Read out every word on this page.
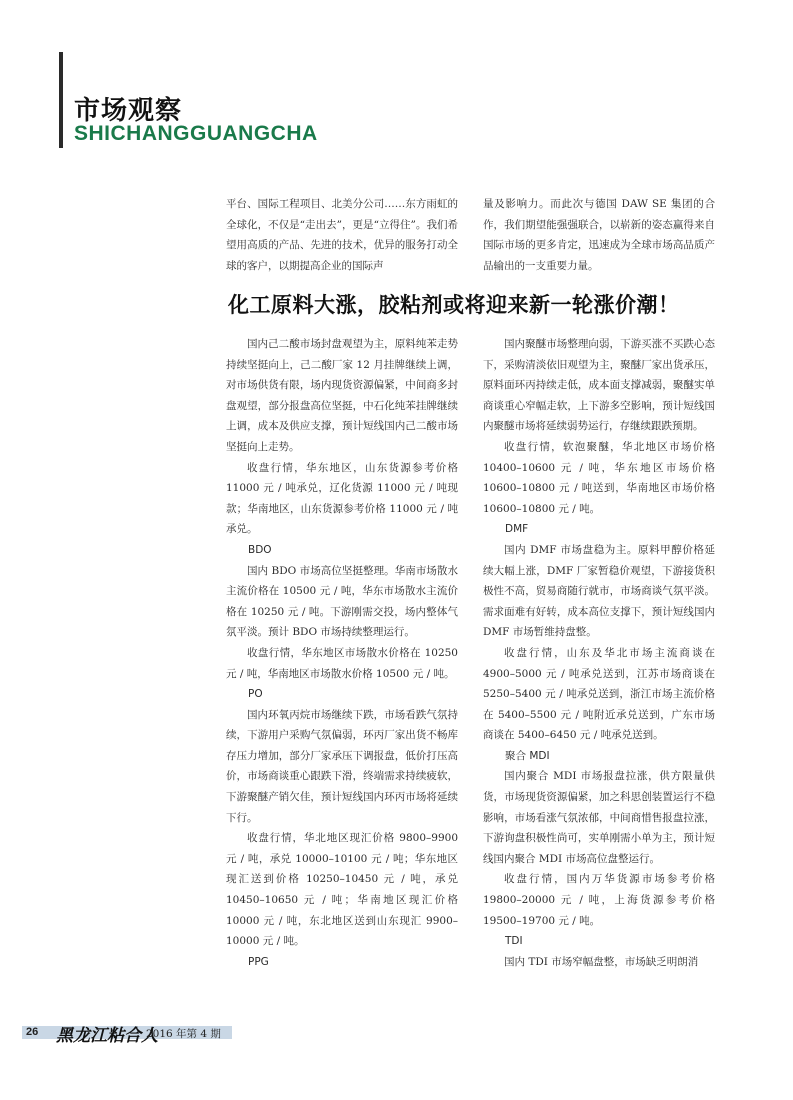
市场观察
SHICHANGGUANGCHA

平台、国际工程项目、北美分公司……东方雨虹的全球化，不仅是“走出去”，更是“立得住”。我们希望用高质的产品、先进的技术，优异的服务打动全球的客户，以期提高企业的国际声

量及影响力。而此次与德国 DAW SE 集团的合作，我们期望能强强联合，以崭新的姿态赢得来自国际市场的更多肯定，迅速成为全球市场高品质产品输出的一支重要力量。

化工原料大涨，胶粘剂或将迎来新一轮涨价潮！

国内己二酸市场封盘观望为主，原料纯苯走势持续坚挺向上，己二酸厂家 12 月挂牌继续上调，对市场供货有限，场内现货资源偏紧，中间商多封盘观望，部分报盘高位坚挺，中石化纯苯挂牌继续上调，成本及供应支撑，预计短线国内己二酸市场坚挺向上走势。

收盘行情，华东地区，山东货源参考价格 11000 元 / 吨承兑，辽化货源 11000 元 / 吨现款；华南地区，山东货源参考价格 11000 元 / 吨承兑。

BDO

国内 BDO 市场高位坚挺整理。华南市场散水主流价格在 10500 元 / 吨，华东市场散水主流价格在 10250 元 / 吨。下游刚需交投，场内整体气氛平淡。预计 BDO 市场持续整理运行。

收盘行情，华东地区市场散水价格在 10250 元 / 吨，华南地区市场散水价格 10500 元 / 吨。

PO

国内环氧丙烷市场继续下跌，市场看跌气氛持续，下游用户采购气氛偏弱，环丙厂家出货不畅库存压力增加，部分厂家承压下调报盘，低价打压高价，市场商谈重心跟跌下滑，终端需求持续疲软，下游聚醚产销欠佳，预计短线国内环丙市场将延续下行。

收盘行情，华北地区现汇价格 9800–9900 元 / 吨，承兑 10000–10100 元 / 吨；华东地区现汇送到价格 10250–10450 元 / 吨，承兑 10450–10650 元 / 吨；华南地区现汇价格 10000 元 / 吨，东北地区送到山东现汇 9900–10000 元 / 吨。

PPG

国内聚醚市场整理向弱，下游买涨不买跌心态下，采购清淡依旧观望为主，聚醚厂家出货承压，原料面环丙持续走低，成本面支撑减弱，聚醚实单商谈重心窄幅走软，上下游多空影响，预计短线国内聚醚市场将延续弱势运行，存继续跟跌预期。

收盘行情，软泡聚醚，华北地区市场价格 10400–10600 元 / 吨，华东地区市场价格 10600–10800 元 / 吨送到，华南地区市场价格 10600–10800 元 / 吨。

DMF

国内 DMF 市场盘稳为主。原料甲醇价格延续大幅上涨，DMF 厂家暂稳价观望，下游接货积极性不高，贸易商随行就市，市场商谈气氛平淡。需求面难有好转，成本高位支撑下，预计短线国内 DMF 市场暂维持盘整。

收盘行情，山东及华北市场主流商谈在 4900–5000 元 / 吨承兑送到，江苏市场商谈在 5250–5400 元 / 吨承兑送到，浙江市场主流价格在 5400–5500 元 / 吨附近承兑送到，广东市场商谈在 5400–6450 元 / 吨承兑送到。

聚合 MDI

国内聚合 MDI 市场报盘拉涨，供方限量供货，市场现货资源偏紧，加之科思创装置运行不稳影响，市场看涨气氛浓郁，中间商惜售报盘拉涨，下游询盘积极性尚可，实单刚需小单为主，预计短线国内聚合 MDI 市场高位盘整运行。

收盘行情，国内万华货源市场参考价格 19800–20000 元 / 吨，上海货源参考价格 19500–19700 元 / 吨。

TDI

国内 TDI 市场窄幅盘整，市场缺乏明朗消

26 黑龙江粘合人
2016 年第 4 期
